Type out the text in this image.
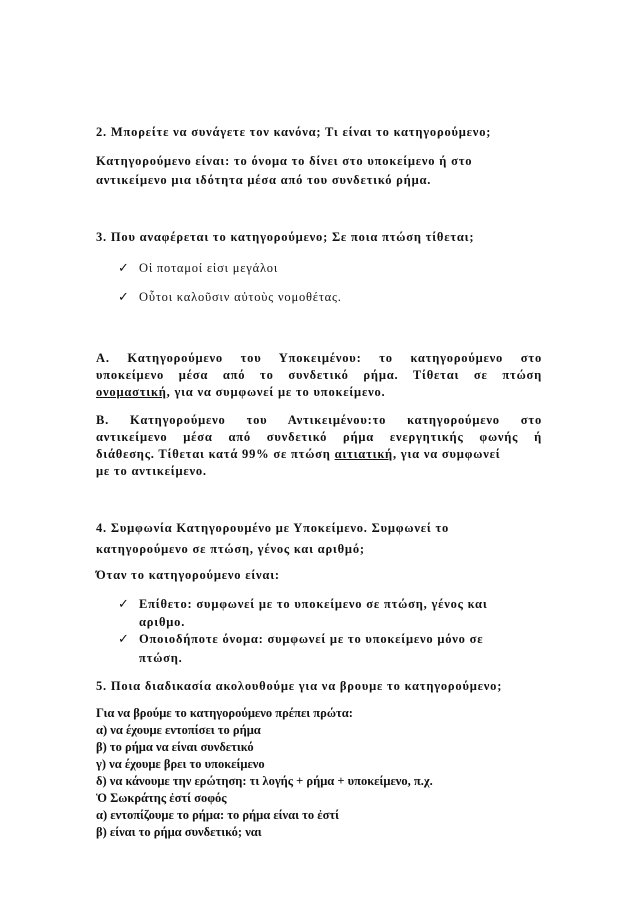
2. Μπορείτε να συνάγετε τον κανόνα; Τι είναι το κατηγορούμενο;
Κατηγορούμενο είναι: το όνομα το δίνει στο υποκείμενο ή στο
αντικείμενο μια ιδότητα μέσα από του συνδετικό ρήμα.
3. Που αναφέρεται το κατηγορούμενο; Σε ποια πτώση τίθεται;
✓ Οἱ ποταμοί εἰσι μεγάλοι
✓ Οὗτοι καλοῦσιν αὐτοὺς νομοθέτας.
Α. Κατηγορούμενο του Υποκειμένου: το κατηγορούμενο στο
υποκείμενο μέσα από το συνδετικό ρήμα. Τίθεται σε πτώση
ονομαστική, για να συμφωνεί με το υποκείμενο.
Β. Κατηγορούμενο του Αντικειμένου:το κατηγορούμενο στο
αντικείμενο μέσα από συνδετικό ρήμα ενεργητικής φωνής ή
διάθεσης. Τίθεται κατά 99% σε πτώση αιτιατική, για να συμφωνεί
με το αντικείμενο.
4. Συμφωνία Κατηγορουμένο με Υποκείμενο. Συμφωνεί το
κατηγορούμενο σε πτώση, γένος και αριθμό;
Όταν το κατηγορούμενο είναι:
✓ Επίθετο: συμφωνεί με το υποκείμενο σε πτώση, γένος και
αριθμο.
✓ Οποιοδήποτε όνομα: συμφωνεί με το υποκείμενο μόνο σε
πτώση.
5. Ποια διαδικασία ακολουθούμε για να βρουμε το κατηγορούμενο;
Για να βρούμε το κατηγορούμενο πρέπει πρώτα:
α) να έχουμε εντοπίσει το ρήμα
β) το ρήμα να είναι συνδετικό
γ) να έχουμε βρει το υποκείμενο
δ) να κάνουμε την ερώτηση: τι λογής + ρήμα + υποκείμενο, π.χ.
Ὁ Σωκράτης ἐστί σοφός
α) εντοπίζουμε το ρήμα: το ρήμα είναι το ἐστί
β) είναι το ρήμα συνδετικό; ναι
